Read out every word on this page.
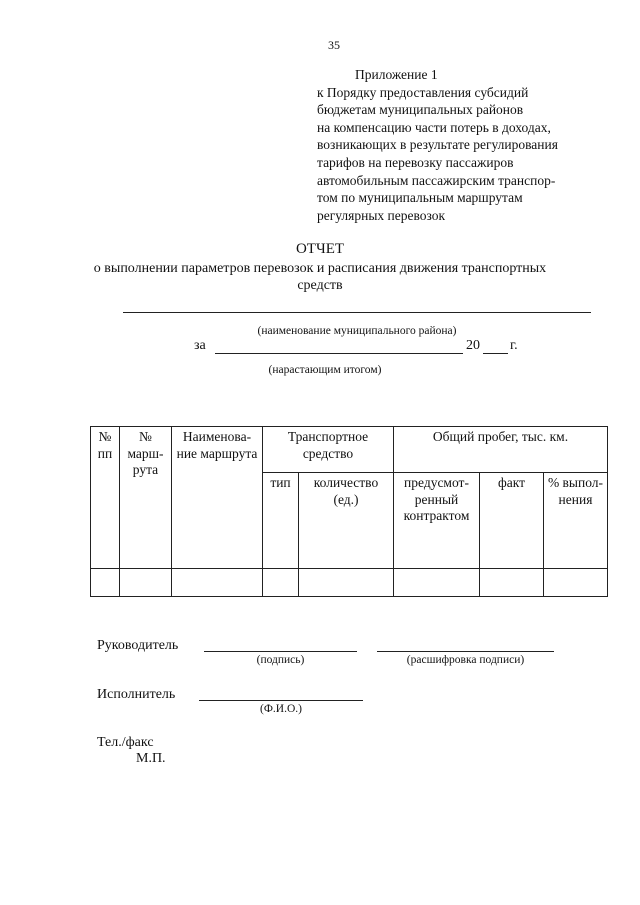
35
Приложение 1
к Порядку предоставления субсидий
бюджетам муниципальных районов
на компенсацию части потерь в доходах,
возникающих в результате регулирования
тарифов на перевозку пассажиров
автомобильным пассажирским транспор-
том по муниципальным маршрутам
регулярных перевозок
ОТЧЕТ
о выполнении параметров перевозок и расписания движения транспортных
средств
(наименование муниципального района)
за	20 г.
(нарастающим итогом)
№ пп	№ марш-рута	Наименова-ние маршрута	Транспортное средство		Общий пробег, тыс. км.		
			тип	количество (ед.)	предусмот-ренный контрактом	факт	% выпол-нения

Руководитель
(подпись)	(расшифровка подписи)
Исполнитель
(Ф.И.О.)
Тел./факс
М.П.
